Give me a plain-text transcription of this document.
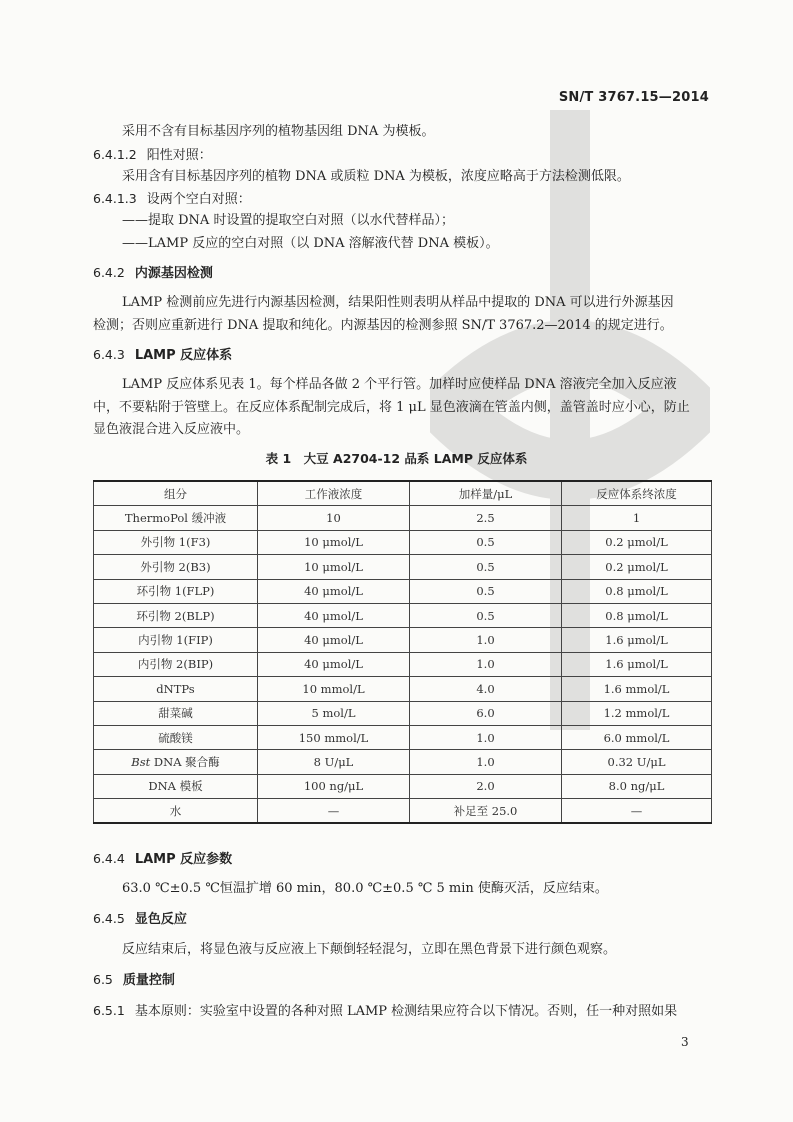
SN/T 3767.15—2014
采用不含有目标基因序列的植物基因组 DNA 为模板。
6.4.1.2 阳性对照：
采用含有目标基因序列的植物 DNA 或质粒 DNA 为模板，浓度应略高于方法检测低限。
6.4.1.3 设两个空白对照：
——提取 DNA 时设置的提取空白对照（以水代替样品）；
——LAMP 反应的空白对照（以 DNA 溶解液代替 DNA 模板）。
6.4.2 内源基因检测
LAMP 检测前应先进行内源基因检测，结果阳性则表明从样品中提取的 DNA 可以进行外源基因
检测；否则应重新进行 DNA 提取和纯化。内源基因的检测参照 SN/T 3767.2—2014 的规定进行。
6.4.3 LAMP 反应体系
LAMP 反应体系见表 1。每个样品各做 2 个平行管。加样时应使样品 DNA 溶液完全加入反应液
中，不要粘附于管壁上。在反应体系配制完成后，将 1 μL 显色液滴在管盖内侧，盖管盖时应小心，防止
显色液混合进入反应液中。
表 1　大豆 A2704-12 品系 LAMP 反应体系
组分	工作液浓度	加样量/μL	反应体系终浓度
ThermoPol 缓冲液	10	2.5	1
外引物 1(F3)	10 μmol/L	0.5	0.2 μmol/L
外引物 2(B3)	10 μmol/L	0.5	0.2 μmol/L
环引物 1(FLP)	40 μmol/L	0.5	0.8 μmol/L
环引物 2(BLP)	40 μmol/L	0.5	0.8 μmol/L
内引物 1(FIP)	40 μmol/L	1.0	1.6 μmol/L
内引物 2(BIP)	40 μmol/L	1.0	1.6 μmol/L
dNTPs	10 mmol/L	4.0	1.6 mmol/L
甜菜碱	5 mol/L	6.0	1.2 mmol/L
硫酸镁	150 mmol/L	1.0	6.0 mmol/L
Bst DNA 聚合酶	8 U/μL	1.0	0.32 U/μL
DNA 模板	100 ng/μL	2.0	8.0 ng/μL
水	—	补足至 25.0	—
6.4.4 LAMP 反应参数
63.0 ℃±0.5 ℃恒温扩增 60 min，80.0 ℃±0.5 ℃ 5 min 使酶灭活，反应结束。
6.4.5 显色反应
反应结束后，将显色液与反应液上下颠倒轻轻混匀，立即在黑色背景下进行颜色观察。
6.5 质量控制
6.5.1 基本原则：实验室中设置的各种对照 LAMP 检测结果应符合以下情况。否则，任一种对照如果
3
